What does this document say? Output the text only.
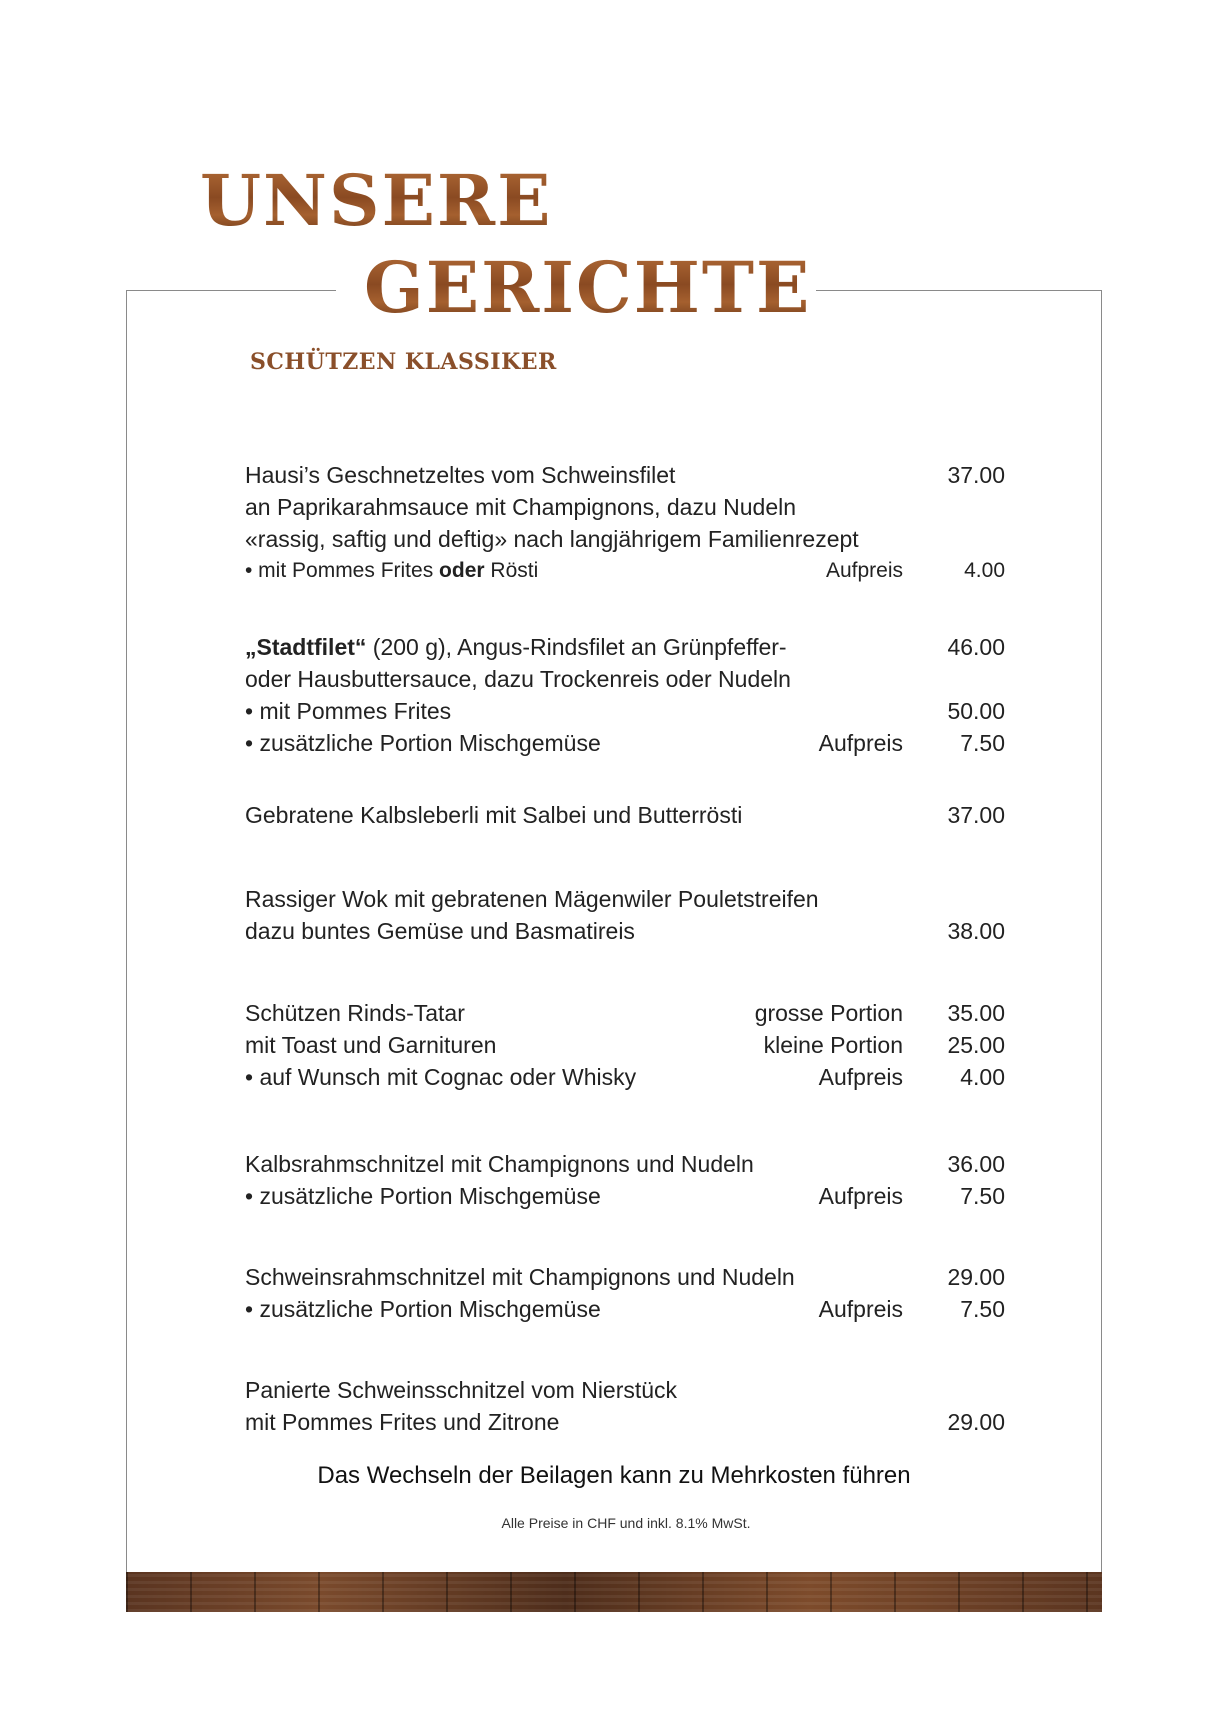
UNSERE
GERICHTE
SCHÜTZEN KLASSIKER
Hausi’s Geschnetzeltes vom Schweinsfilet	37.00
an Paprikarahmsauce mit Champignons, dazu Nudeln
«rassig, saftig und deftig» nach langjährigem Familienrezept
• mit Pommes Frites oder Rösti	Aufpreis	4.00
„Stadtfilet“ (200 g), Angus-Rindsfilet an Grünpfeffer-	46.00
oder Hausbuttersauce, dazu Trockenreis oder Nudeln
• mit Pommes Frites	50.00
• zusätzliche Portion Mischgemüse	Aufpreis 7.50
Gebratene Kalbsleberli mit Salbei und Butterrösti	37.00
Rassiger Wok mit gebratenen Mägenwiler Pouletstreifen
dazu buntes Gemüse und Basmatireis	38.00
Schützen Rinds-Tatar	grosse Portion 35.00
mit Toast und Garnituren	kleine Portion 25.00
• auf Wunsch mit Cognac oder Whisky	Aufpreis 4.00
Kalbsrahmschnitzel mit Champignons und Nudeln	36.00
• zusätzliche Portion Mischgemüse	Aufpreis 7.50
Schweinsrahmschnitzel mit Champignons und Nudeln	29.00
• zusätzliche Portion Mischgemüse	Aufpreis 7.50
Panierte Schweinsschnitzel vom Nierstück
mit Pommes Frites und Zitrone	29.00
Das Wechseln der Beilagen kann zu Mehrkosten führen
Alle Preise in CHF und inkl. 8.1% MwSt.
